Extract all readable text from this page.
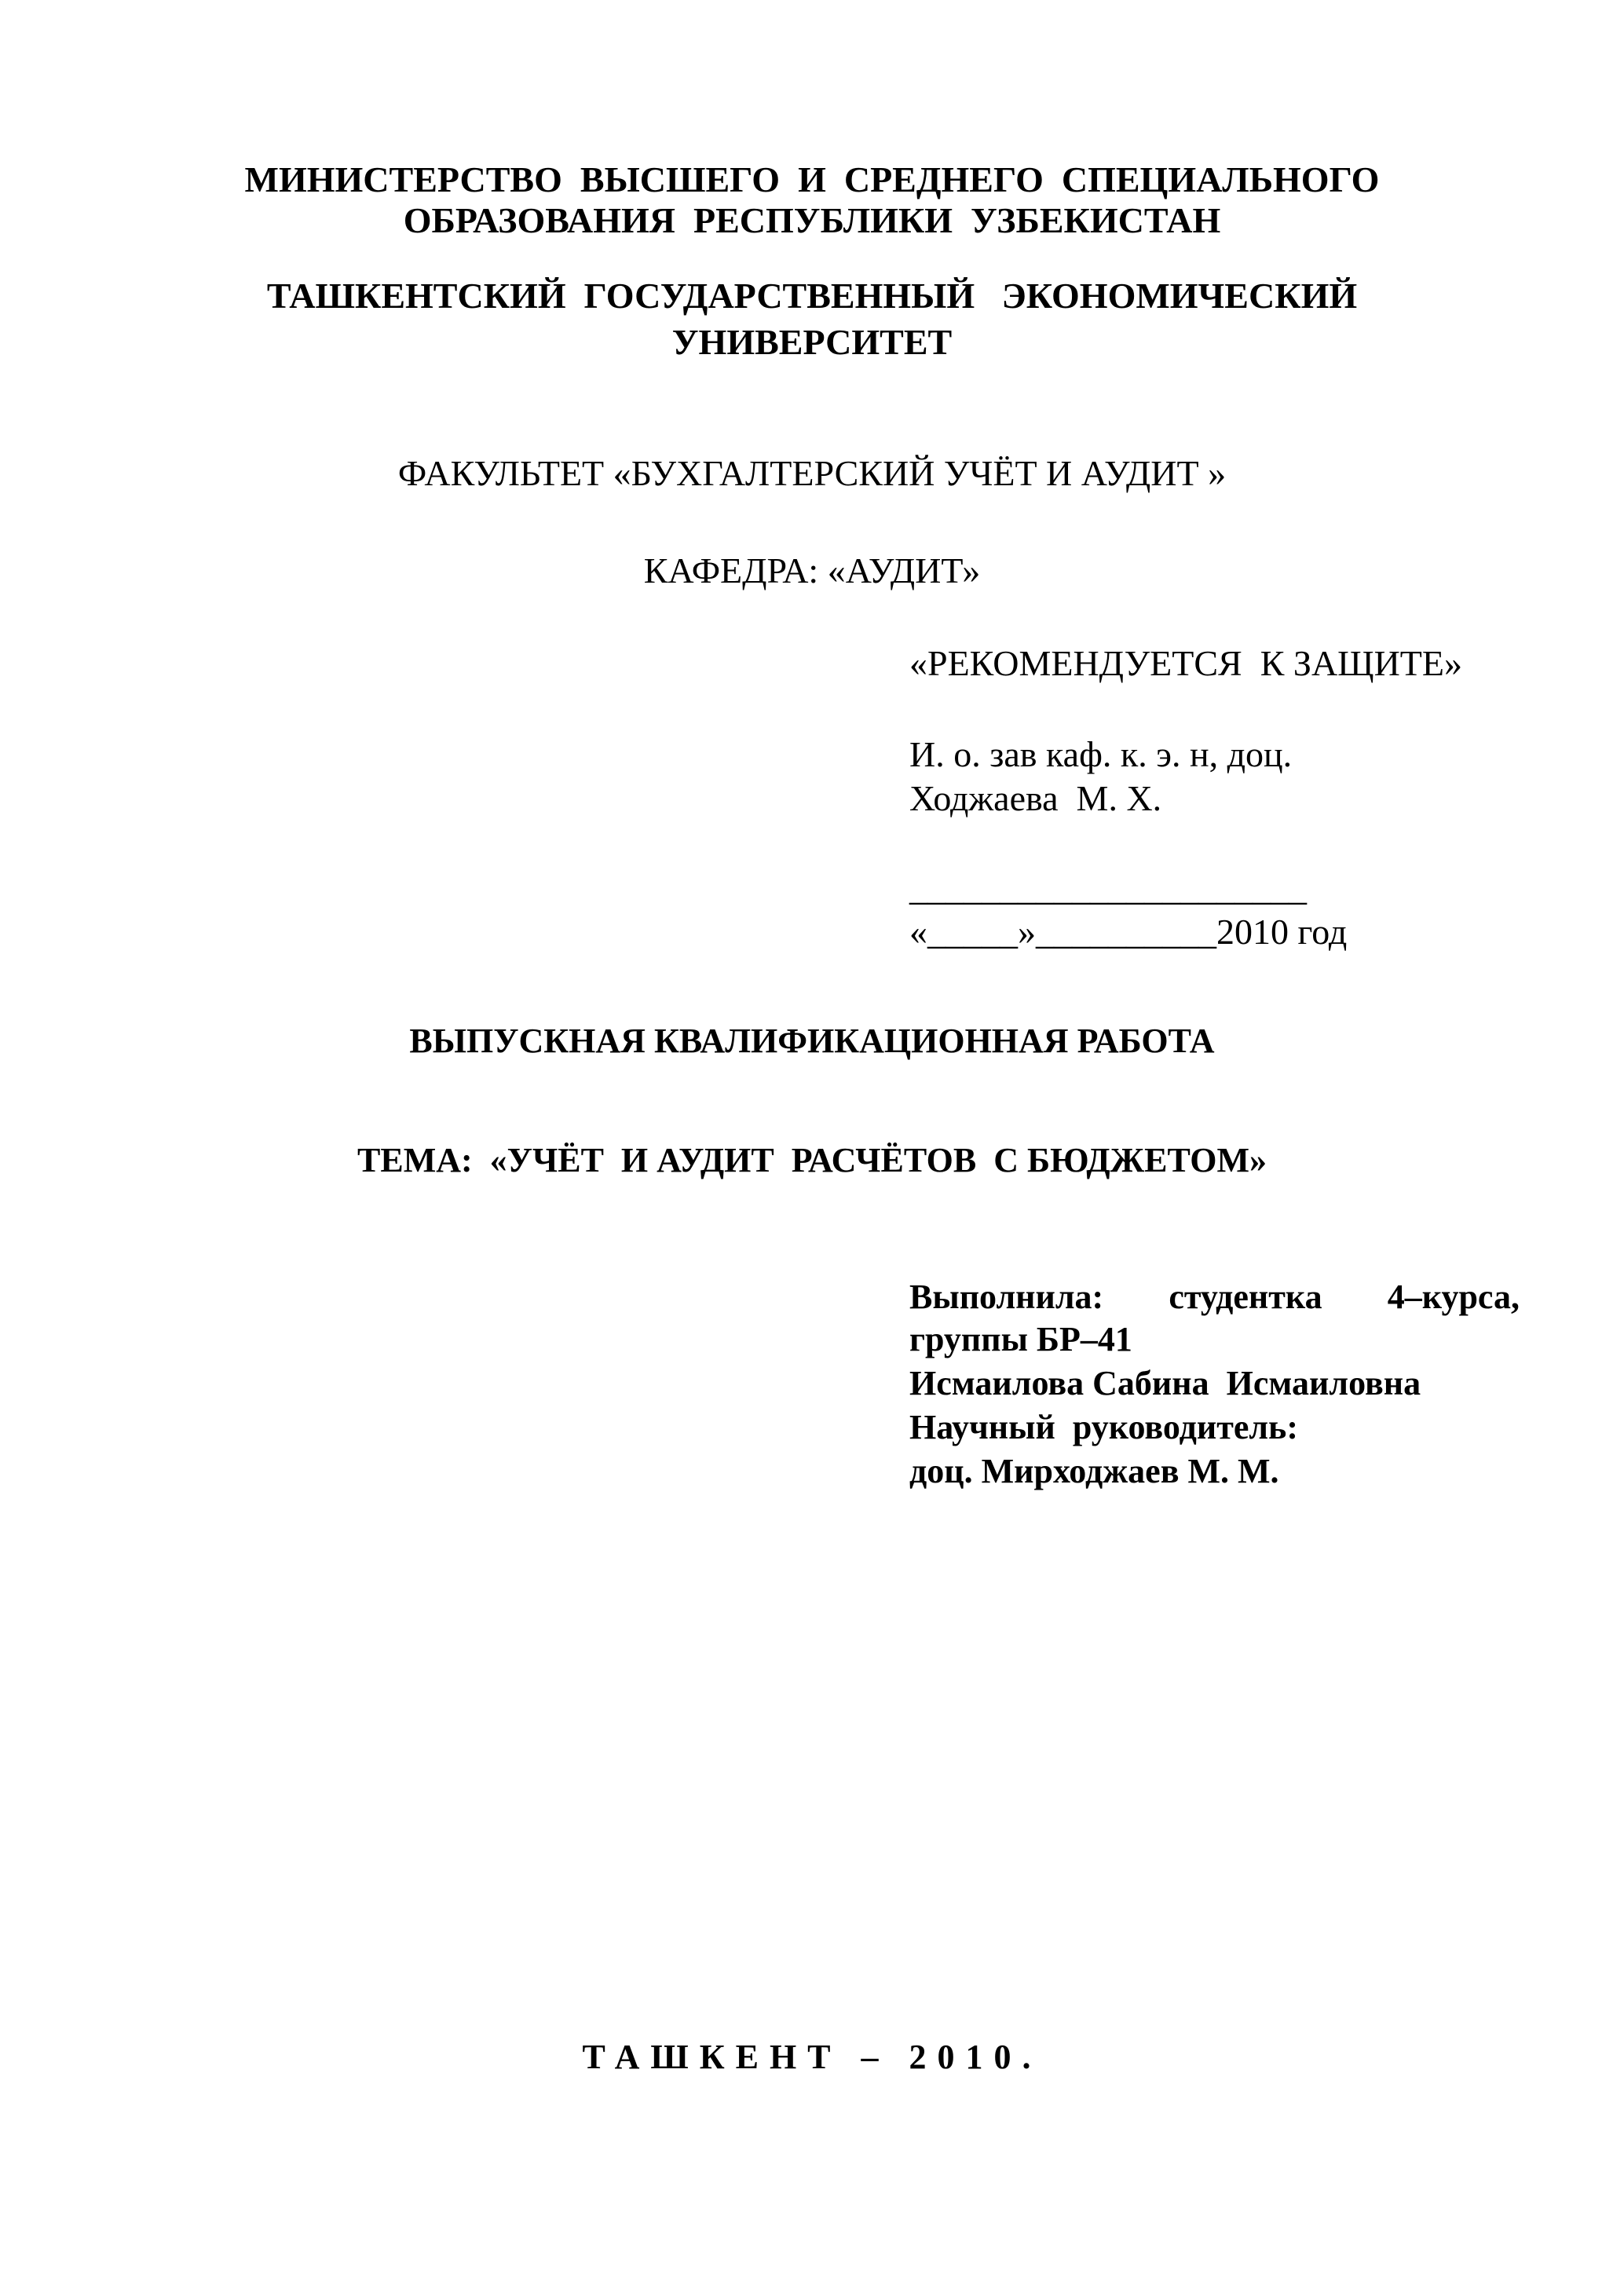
МИНИСТЕРСТВО  ВЫСШЕГО  И  СРЕДНЕГО  СПЕЦИАЛЬНОГО
ОБРАЗОВАНИЯ  РЕСПУБЛИКИ  УЗБЕКИСТАН
ТАШКЕНТСКИЙ  ГОСУДАРСТВЕННЫЙ   ЭКОНОМИЧЕСКИЙ
УНИВЕРСИТЕТ
ФАКУЛЬТЕТ «БУХГАЛТЕРСКИЙ УЧЁТ И АУДИТ »
КАФЕДРА: «АУДИТ»
«РЕКОМЕНДУЕТСЯ  К ЗАЩИТЕ»
И. о. зав каф. к. э. н, доц.
Ходжаева  М. Х.
______________________
«_____»__________2010 год
ВЫПУСКНАЯ КВАЛИФИКАЦИОННАЯ РАБОТА
ТЕМА:  «УЧЁТ  И АУДИТ  РАСЧЁТОВ  С БЮДЖЕТОМ»
Выполнила: студентка 4–курса,
группы БР–41
Исмаилова Сабина  Исмаиловна
Научный  руководитель:
доц. Мирходжаев М. М.
ТАШКЕНТ – 2010.
